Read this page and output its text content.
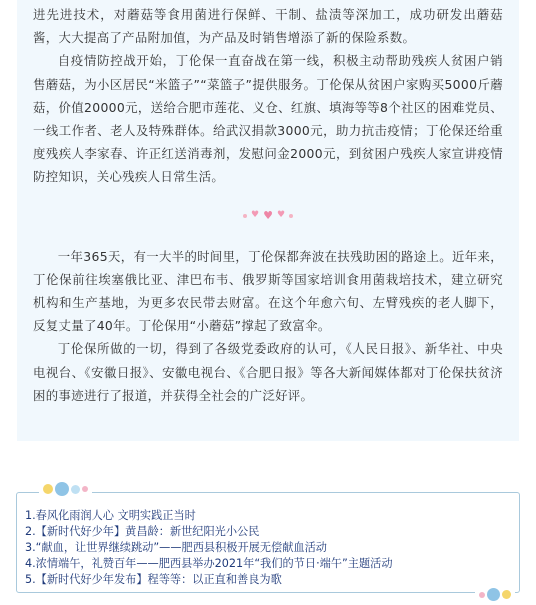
进先进技术，对蘑菇等食用菌进行保鲜、干制、盐渍等深加工，成功研发出蘑菇酱，大大提高了产品附加值，为产品及时销售增添了新的保险系数。

自疫情防控战开始，丁伦保一直奋战在第一线，积极主动帮助残疾人贫困户销售蘑菇，为小区居民“米篮子”“菜篮子”提供服务。丁伦保从贫困户家购买5000斤蘑菇，价值20000元，送给合肥市莲花、义仓、红旗、填海等等8个社区的困难党员、一线工作者、老人及特殊群体。给武汉捐款3000元，助力抗击疫情；丁伦保还给重度残疾人李家春、许正红送消毒剂，发慰问金2000元，到贫困户残疾人家宣讲疫情防控知识，关心残疾人日常生活。

♥ ♥ ♥

一年365天，有一大半的时间里，丁伦保都奔波在扶残助困的路途上。近年来，丁伦保前往埃塞俄比亚、津巴布韦、俄罗斯等国家培训食用菌栽培技术，建立研究机构和生产基地，为更多农民带去财富。在这个年愈六旬、左臂残疾的老人脚下，反复丈量了40年。丁伦保用“小蘑菇”撑起了致富伞。

丁伦保所做的一切，得到了各级党委政府的认可，《人民日报》、新华社、中央电视台、《安徽日报》、安徽电视台、《合肥日报》等各大新闻媒体都对丁伦保扶贫济困的事迹进行了报道，并获得全社会的广泛好评。

1.春风化雨润人心 文明实践正当时

2.【新时代好少年】黄昌龄：新世纪阳光小公民

3.“献血，让世界继续跳动”——肥西县积极开展无偿献血活动

4.浓情端午，礼赞百年——肥西县举办2021年“我们的节日·端午”主题活动

5.【新时代好少年发布】程等等：以正直和善良为歌
